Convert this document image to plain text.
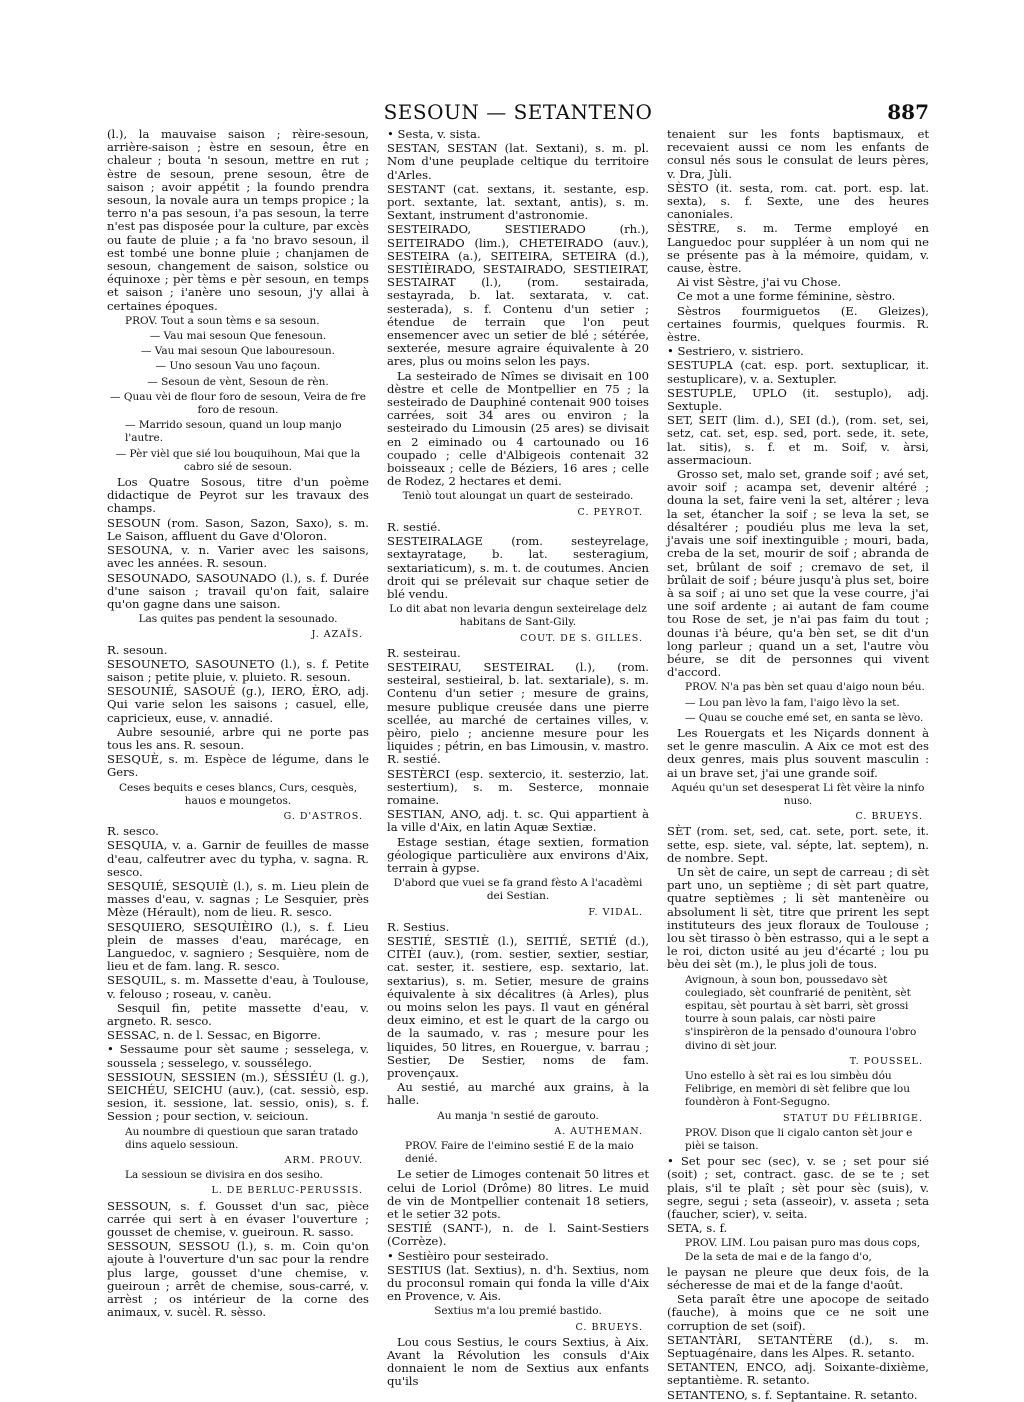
SESOUN — SETANTENO	887

(l.), la mauvaise saison ; rèire-sesoun, arrière-saison ; èstre en sesoun, être en chaleur ; bouta 'n sesoun, mettre en rut ; èstre de sesoun, prene sesoun, être de saison ; avoir appétit ; la foundo prendra sesoun, la novale aura un temps propice ; la terro n'a pas sesoun, i'a pas sesoun, la terre n'est pas disposée pour la culture, par excès ou faute de pluie ; a fa 'no bravo sesoun, il est tombé une bonne pluie ; chanjamen de sesoun, changement de saison, solstice ou équinoxe ; pèr tèms e pèr sesoun, en temps et saison ; i'anère uno sesoun, j'y allai à certaines époques.

PROV. Tout a soun tèms e sa sesoun.

— Vau mai sesoun Que fenesoun.

— Vau mai sesoun Que labouresoun.

— Uno sesoun Vau uno façoun.

— Sesoun de vènt, Sesoun de rèn.

— Quau vèi de flour foro de sesoun, Veira de fre foro de resoun.

— Marrido sesoun, quand un loup manjo l'autre.

— Pèr vièl que sié lou bouquihoun, Mai que la cabro sié de sesoun.

Los Quatre Sosous, titre d'un poème didactique de Peyrot sur les travaux des champs.

SESOUN (rom. Sason, Sazon, Saxo), s. m. Le Saison, affluent du Gave d'Oloron.

SESOUNA, v. n. Varier avec les saisons, avec les années. R. sesoun.

SESOUNADO, SASOUNADO (l.), s. f. Durée d'une saison ; travail qu'on fait, salaire qu'on gagne dans une saison.

Las quites pas pendent la sesounado.

J. AZAÏS.

R. sesoun.

SESOUNETO, SASOUNETO (l.), s. f. Petite saison ; petite pluie, v. pluieto. R. sesoun.

SESOUNIÉ, SASOUÉ (g.), IERO, ÈRO, adj. Qui varie selon les saisons ; casuel, elle, capricieux, euse, v. annadié.

Aubre sesounié, arbre qui ne porte pas tous les ans. R. sesoun.

SESQUÈ, s. m. Espèce de légume, dans le Gers.

Ceses bequits e ceses blancs, Curs, cesquès, hauos e moungetos.

G. D'ASTROS.

R. sesco.

SESQUIA, v. a. Garnir de feuilles de masse d'eau, calfeutrer avec du typha, v. sagna. R. sesco.

SESQUIÉ, SESQUIÈ (l.), s. m. Lieu plein de masses d'eau, v. sagnas ; Le Sesquier, près Mèze (Hérault), nom de lieu. R. sesco.

SESQUIERO, SESQUIÈIRO (l.), s. f. Lieu plein de masses d'eau, marécage, en Languedoc, v. sagniero ; Sesquière, nom de lieu et de fam. lang. R. sesco.

SESQUIL, s. m. Massette d'eau, à Toulouse, v. felouso ; roseau, v. canèu.

Sesquil fin, petite massette d'eau, v. argneto. R. sesco.

SESSAC, n. de l. Sessac, en Bigorre.

• Sessaume pour sèt saume ; sesselega, v. soussela ; sesselego, v. soussélego.

SESSIOUN, SESSIEN (m.), SÉSSIÉU (l. g.), SEICHÉU, SEICHU (auv.), (cat. sessiò, esp. sesion, it. sessione, lat. sessio, onis), s. f. Session ; pour section, v. seicioun.

Au noumbre di questioun que saran tratado dins aquelo sessioun.

ARM. PROUV.

La sessioun se divisira en dos sesiho.

L. DE BERLUC-PERUSSIS.

SESSOUN, s. f. Gousset d'un sac, pièce carrée qui sert à en évaser l'ouverture ; gousset de chemise, v. gueiroun. R. sasso.

SESSOUN, SESSOU (l.), s. m. Coin qu'on ajoute à l'ouverture d'un sac pour la rendre plus large, gousset d'une chemise, v. gueiroun ; arrêt de chemise, sous-carré, v. arrèst ; os intérieur de la corne des animaux, v. sucèl. R. sèsso.

• Sesta, v. sista.

SESTAN, SESTAN (lat. Sextani), s. m. pl. Nom d'une peuplade celtique du territoire d'Arles.

SESTANT (cat. sextans, it. sestante, esp. port. sextante, lat. sextant, antis), s. m. Sextant, instrument d'astronomie.

SESTEIRADO, SESTIERADO (rh.), SEITEIRADO (lim.), CHETEIRADO (auv.), SESTEIRA (a.), SEITEIRA, SETEIRA (d.), SESTIÈIRADO, SESTAIRADO, SESTIEIRAT, SESTAIRAT (l.), (rom. sestairada, sestayrada, b. lat. sextarata, v. cat. sesterada), s. f. Contenu d'un setier ; étendue de terrain que l'on peut ensemencer avec un setier de blé ; sétérée, sexterée, mesure agraire équivalente à 20 ares, plus ou moins selon les pays.

La sesteirado de Nîmes se divisait en 100 dèstre et celle de Montpellier en 75 ; la sesteirado de Dauphiné contenait 900 toises carrées, soit 34 ares ou environ ; la sesteirado du Limousin (25 ares) se divisait en 2 eiminado ou 4 cartounado ou 16 coupado ; celle d'Albigeois contenait 32 boisseaux ; celle de Béziers, 16 ares ; celle de Rodez, 2 hectares et demi.

Teniò tout aloungat un quart de sesteirado.

C. PEYROT.

R. sestié.

SESTEIRALAGE (rom. sesteyrelage, sextayratage, b. lat. sesteragium, sextariaticum), s. m. t. de coutumes. Ancien droit qui se prélevait sur chaque setier de blé vendu.

Lo dit abat non levaria dengun sexteirelage delz habitans de Sant-Gily.

COUT. DE S. GILLES.

R. sesteirau.

SESTEIRAU, SESTEIRAL (l.), (rom. sesteiral, sestieiral, b. lat. sextariale), s. m. Contenu d'un setier ; mesure de grains, mesure publique creusée dans une pierre scellée, au marché de certaines villes, v. pèiro, pielo ; ancienne mesure pour les liquides ; pétrin, en bas Limousin, v. mastro. R. sestié.

SESTÈRCI (esp. sextercio, it. sesterzio, lat. sestertium), s. m. Sesterce, monnaie romaine.

SESTIAN, ANO, adj. t. sc. Qui appartient à la ville d'Aix, en latin Aquæ Sextiæ.

Estage sestian, étage sextien, formation géologique particulière aux environs d'Aix, terrain à gypse.

D'abord que vuei se fa grand fèsto A l'acadèmi dei Sestian.

F. VIDAL.

R. Sestius.

SESTIÉ, SESTIÈ (l.), SEITIÉ, SETIÉ (d.), CITÈI (auv.), (rom. sestier, sextier, sestiar, cat. sester, it. sestiere, esp. sextario, lat. sextarius), s. m. Setier, mesure de grains équivalente à six décalitres (à Arles), plus ou moins selon les pays. Il vaut en général deux eimino, et est le quart de la cargo ou de la saumado, v. ras ; mesure pour les liquides, 50 litres, en Rouergue, v. barrau ; Sestier, De Sestier, noms de fam. provençaux.

Au sestié, au marché aux grains, à la halle.

Au manja 'n sestié de garouto.

A. AUTHEMAN.

PROV. Faire de l'eimino sestié E de la maio denié.

Le setier de Limoges contenait 50 litres et celui de Loriol (Drôme) 80 litres. Le muid de vin de Montpellier contenait 18 setiers, et le setier 32 pots.

SESTIÉ (SANT-), n. de l. Saint-Sestiers (Corrèze).

• Sestièiro pour sesteirado.

SESTIUS (lat. Sextius), n. d'h. Sextius, nom du proconsul romain qui fonda la ville d'Aix en Provence, v. Ais.

Sextius m'a lou premié bastido.

C. BRUEYS.

Lou cous Sestius, le cours Sextius, à Aix. Avant la Révolution les consuls d'Aix donnaient le nom de Sextius aux enfants qu'ils

tenaient sur les fonts baptismaux, et recevaient aussi ce nom les enfants de consul nés sous le consulat de leurs pères, v. Dra, Jùli.

SÈSTO (it. sesta, rom. cat. port. esp. lat. sexta), s. f. Sexte, une des heures canoniales.

SÈSTRE, s. m. Terme employé en Languedoc pour suppléer à un nom qui ne se présente pas à la mémoire, quidam, v. cause, èstre.

Ai vist Sèstre, j'ai vu Chose.

Ce mot a une forme féminine, sèstro.

Sèstros fourmiguetos (E. Gleizes), certaines fourmis, quelques fourmis. R. èstre.

• Sestriero, v. sistriero.

SESTUPLA (cat. esp. port. sextuplicar, it. sestuplicare), v. a. Sextupler.

SESTUPLE, UPLO (it. sestuplo), adj. Sextuple.

SET, SEIT (lim. d.), SEI (d.), (rom. set, sei, setz, cat. set, esp. sed, port. sede, it. sete, lat. sitis), s. f. et m. Soif, v. àrsi, assermacioun.

Grosso set, malo set, grande soif ; avé set, avoir soif ; acampa set, devenir altéré ; douna la set, faire veni la set, altérer ; leva la set, étancher la soif ; se leva la set, se désaltérer ; poudiéu plus me leva la set, j'avais une soif inextinguible ; mouri, bada, creba de la set, mourir de soif ; abranda de set, brûlant de soif ; cremavo de set, il brûlait de soif ; béure jusqu'à plus set, boire à sa soif ; ai uno set que la vese courre, j'ai une soif ardente ; ai autant de fam coume tou Rose de set, je n'ai pas faim du tout ; dounas i'à béure, qu'a bèn set, se dit d'un long parleur ; quand un a set, l'autre vòu béure, se dit de personnes qui vivent d'accord.

PROV. N'a pas bèn set quau d'aigo noun béu.

— Lou pan lèvo la fam, l'aigo lèvo la set.

— Quau se couche emé set, en santa se lèvo.

Les Rouergats et les Niçards donnent à set le genre masculin. A Aix ce mot est des deux genres, mais plus souvent masculin : ai un brave set, j'ai une grande soif.

Aquéu qu'un set desesperat Li fèt vèire la ninfo nuso.

C. BRUEYS.

SÈT (rom. set, sed, cat. sete, port. sete, it. sette, esp. siete, val. sépte, lat. septem), n. de nombre. Sept.

Un sèt de caire, un sept de carreau ; di sèt part uno, un septième ; di sèt part quatre, quatre septièmes ; li sèt mantenèire ou absolument li sèt, titre que prirent les sept instituteurs des jeux floraux de Toulouse ; lou sèt tirasso ò bèn estrasso, qui a le sept a le roi, dicton usité au jeu d'écarté ; lou pu bèu dei sèt (m.), le plus joli de tous.

Avignoun, à soun bon, poussedavo sèt coulegiado, sèt counfrarié de penitènt, sèt espitau, sèt pourtau à sèt barri, sèt grossi tourre à soun palais, car nòsti paire s'inspirèron de la pensado d'ounoura l'obro divino di sèt jour.

T. POUSSEL.

Uno estello à sèt rai es lou simbèu dóu Felibrige, en memòri di sèt felibre que lou foundèron à Font-Segugno.

STATUT DU FÉLIBRIGE.

PROV. Dison que li cigalo canton sèt jour e pièi se taison.

• Set pour sec (sec), v. se ; set pour sié (soit) ; set, contract. gasc. de se te ; set plais, s'il te plaît ; sèt pour sèc (suis), v. segre, segui ; seta (asseoir), v. asseta ; seta (faucher, scier), v. seita.

SETA, s. f.

PROV. LIM. Lou paisan puro mas dous cops, De la seta de mai e de la fango d'o,

le paysan ne pleure que deux fois, de la sécheresse de mai et de la fange d'août.

Seta paraît être une apocope de seitado (fauche), à moins que ce ne soit une corruption de set (soif).

SETANTÀRI, SETANTÈRE (d.), s. m. Septuagénaire, dans les Alpes. R. setanto.

SETANTEN, ENCO, adj. Soixante-dixième, septantième. R. setanto.

SETANTENO, s. f. Septantaine. R. setanto.
